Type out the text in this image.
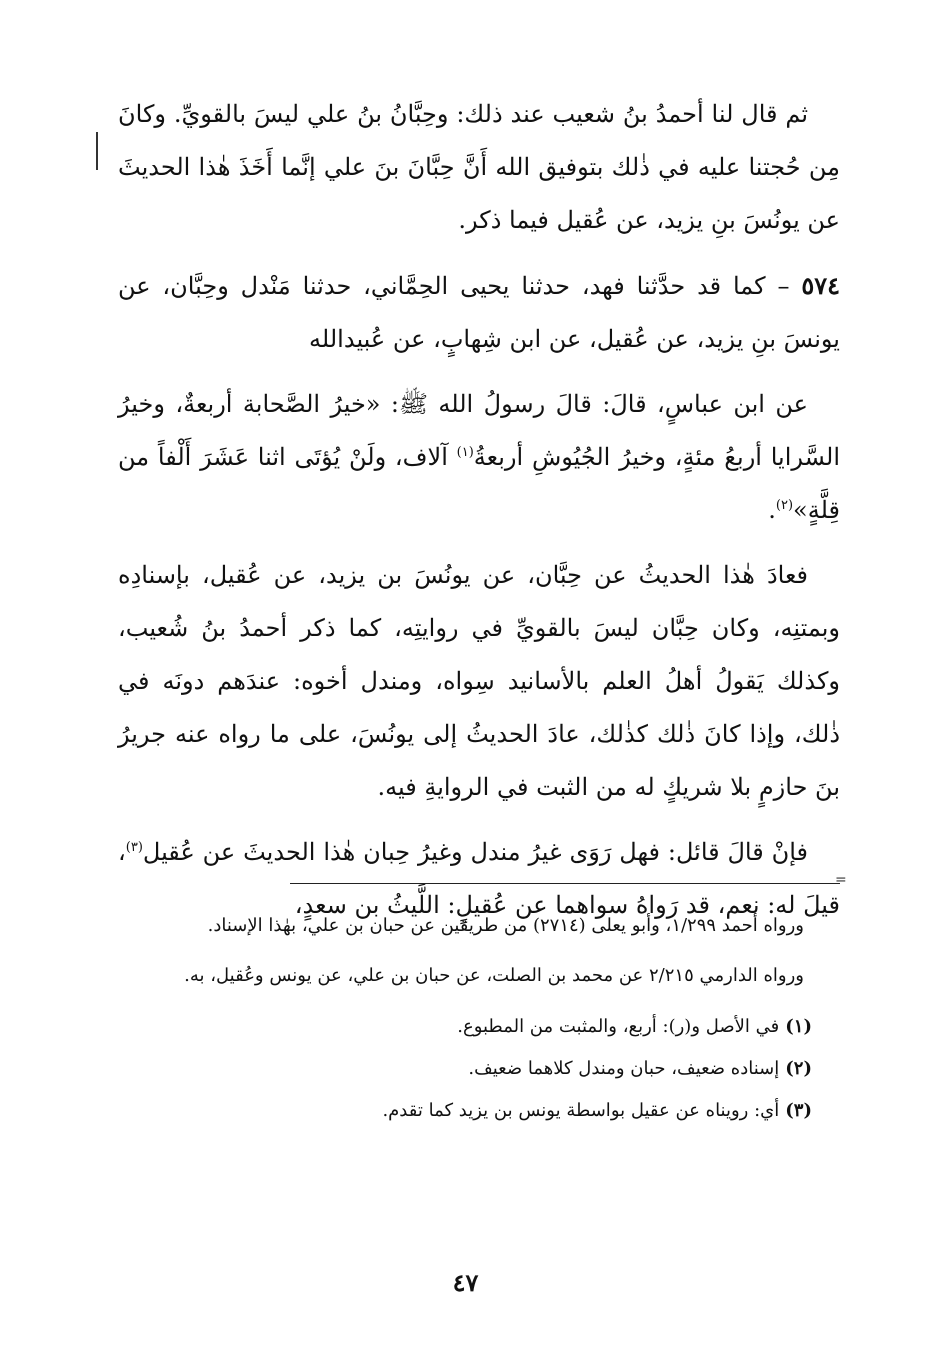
ثم قال لنا أحمدُ بنُ شعيب عند ذلك: وحِبَّانُ بنُ علي ليسَ بالقويِّ. وكانَ مِن حُجتنا عليه في ذٰلك بتوفيق الله أَنَّ حِبَّانَ بنَ علي إنَّما أَخَذَ هٰذا الحديثَ عن يونُسَ بنِ يزيد، عن عُقيل فيما ذكر.

٥٧٤ – كما قد حدَّثنا فهد، حدثنا يحيى الحِمَّاني، حدثنا مَنْدل وحِبَّان، عن يونسَ بنِ يزيد، عن عُقيل، عن ابن شِهابٍ، عن عُبيدالله

عن ابن عباسٍ، قالَ: قالَ رسولُ الله ﷺ: «خيرُ الصَّحابة أربعةٌ، وخيرُ السَّرايا أربعُ مئةٍ، وخيرُ الجُيُوشِ أربعةُ$^{(١)}$ آلاف، ولَنْ يُؤتَى اثنا عَشَرَ أَلْفاً من قِلَّةٍ»$^{(٢)}$.

فعادَ هٰذا الحديثُ عن حِبَّان، عن يونُسَ بن يزيد، عن عُقيل، بإسنادِه وبمتنِه، وكان حِبَّان ليسَ بالقويِّ في روايتِه، كما ذكر أحمدُ بنُ شُعيب، وكذلك يَقولُ أهلُ العلم بالأسانيد سِواه، ومندل أخوه: عندَهم دونَه في ذٰلك، وإذا كانَ ذٰلك كذٰلك، عادَ الحديثُ إلى يونُسَ، على ما رواه عنه جريرُ بنَ حازمٍ بلا شريكٍ له من الثبت في الروايةِ فيه.

فإنْ قالَ قائل: فهل رَوَى غيرُ مندل وغيرُ حِبان هٰذا الحديثَ عن عُقيل$^{(٣)}$، قيلَ له: نعم، قد رَواهُ سواهما عن عُقيلٍ: اللَّيثُ بن سعدٍ،

=

ورواه أحمد ١/٢٩٩، وأبو يعلى (٢٧١٤) من طريقين عن حبان بن علي، بهٰذا الإسناد.

ورواه الدارمي ٢/٢١٥ عن محمد بن الصلت، عن حبان بن علي، عن يونس وعُقيل، به.

(١)في الأصل و(ر): أربع، والمثبت من المطبوع.
(٢)إسناده ضعيف، حبان ومندل كلاهما ضعيف.
(٣)أي: رويناه عن عقيل بواسطة يونس بن يزيد كما تقدم.
٤٧
